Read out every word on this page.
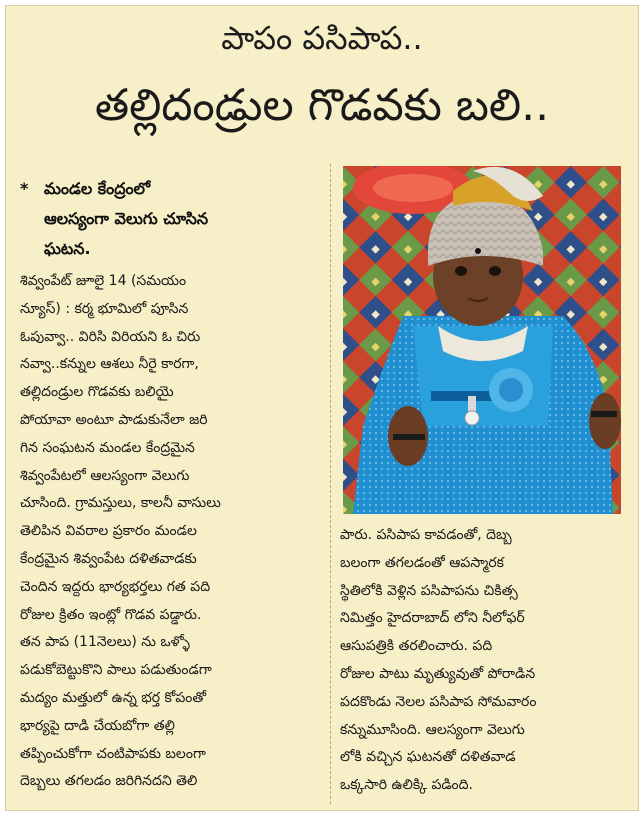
పాపం పసిపాప..
తల్లిదండ్రుల గొడవకు బలి..
* మండల కేంద్రంలో
ఆలస్యంగా వెలుగు చూసిన
ఘటన.

శివ్వంపేట్ జూలై 14 (సమయం

న్యూస్) : కర్మ భూమిలో పూసిన

ఓపువ్వా.. విరిసి విరియని ఓ చిరు

నవ్వా..కన్నుల ఆశలు నీరై కారగా,

తల్లిదండ్రుల గొడవకు బలియై

పోయావా అంటూ పాడుకునేలా జరి

గిన సంఘటన మండల కేంద్రమైన

శివ్వంపేటలో ఆలస్యంగా వెలుగు

చూసింది. గ్రామస్తులు, కాలనీ వాసులు

తెలిపిన వివరాల ప్రకారం మండల

కేంద్రమైన శివ్వంపేట దళితవాడకు

చెందిన ఇద్దరు భార్యభర్తలు గత పది

రోజుల క్రితం ఇంట్లో గొడవ పడ్డారు.

తన పాప (11నెలలు) ను ఒళ్ళో

పడుకోబెట్టుకొని పాలు పడుతుండగా

మద్యం మత్తులో ఉన్న భర్త కోపంతో

భార్యపై దాడి చేయబోగా తల్లి

తప్పించుకోగా చంటిపాపకు బలంగా

దెబ్బలు తగలడం జరిగినదని తెలి

పారు. పసిపాప కావడంతో, దెబ్బ

బలంగా తగలడంతో ఆపస్మారక

స్థితిలోకి వెళ్లిన పసిపాపను చికిత్స

నిమిత్తం హైదరాబాద్ లోని నీలోఫర్

ఆసుపత్రికి తరలించారు. పది

రోజుల పాటు మృత్యువుతో పోరాడిన

పదకొండు నెలల పసిపాప సోమవారం

కన్నుమూసింది. ఆలస్యంగా వెలుగు

లోకి వచ్చిన ఘటనతో దళితవాడ

ఒక్కసారి ఉలిక్కి పడింది.
